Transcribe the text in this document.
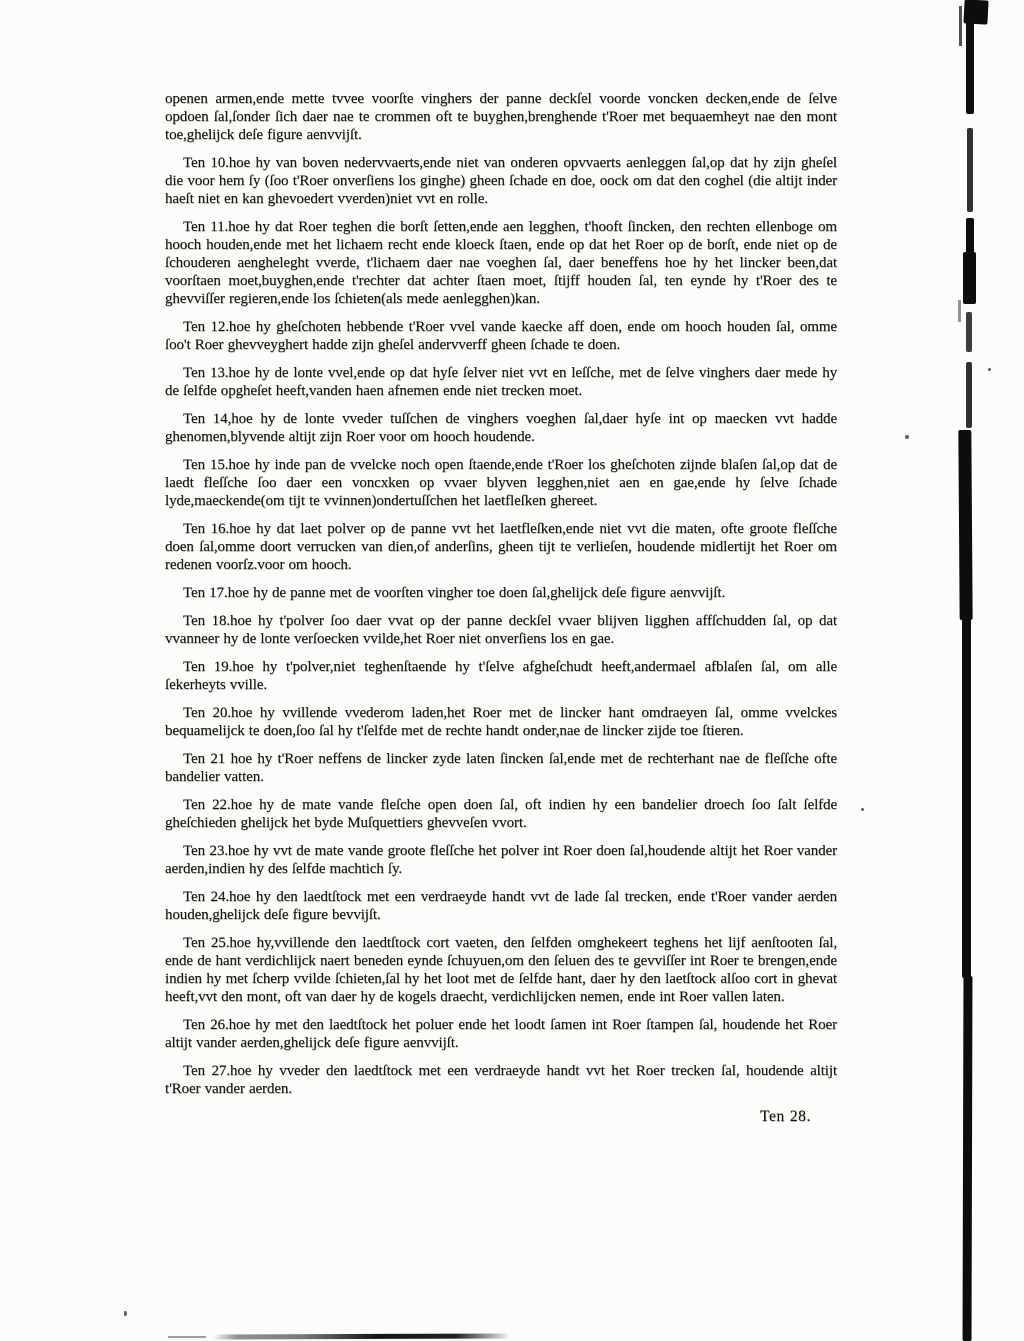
openen armen,ende mette tvvee voorſte vinghers der panne deckſel voorde voncken decken,ende de ſelve opdoen ſal,ſonder ſich daer nae te crommen oft te buyghen,brenghende t'Roer met bequaemheyt nae den mont toe,ghelijck deſe figure aenvvijſt.

Ten 10.hoe hy van boven nedervvaerts,ende niet van onderen opvvaerts aenleggen ſal,op dat hy zijn gheſel die voor hem ſy (ſoo t'Roer onverſiens los ginghe) gheen ſchade en doe, oock om dat den coghel (die altijt inder haeſt niet en kan ghevoedert vverden)niet vvt en rolle.

Ten 11.hoe hy dat Roer teghen die borſt ſetten,ende aen legghen, t'hooft ſincken, den rechten ellenboge om hooch houden,ende met het lichaem recht ende kloeck ſtaen, ende op dat het Roer op de borſt, ende niet op de ſchouderen aengheleght vverde, t'lichaem daer nae voeghen ſal, daer beneffens hoe hy het lincker been,dat voorſtaen moet,buyghen,ende t'rechter dat achter ſtaen moet, ſtijff houden ſal, ten eynde hy t'Roer des te ghevviſſer regieren,ende los ſchieten(als mede aenlegghen)kan.

Ten 12.hoe hy gheſchoten hebbende t'Roer vvel vande kaecke aff doen, ende om hooch houden ſal, omme ſoo't Roer ghevveyghert hadde zijn gheſel andervverff gheen ſchade te doen.

Ten 13.hoe hy de lonte vvel,ende op dat hyſe ſelver niet vvt en leſſche, met de ſelve vinghers daer mede hy de ſelfde opgheſet heeft,vanden haen afnemen ende niet trecken moet.

Ten 14,hoe hy de lonte vveder tuſſchen de vinghers voeghen ſal,daer hyſe int op maecken vvt hadde ghenomen,blyvende altijt zijn Roer voor om hooch houdende.

Ten 15.hoe hy inde pan de vvelcke noch open ſtaende,ende t'Roer los gheſchoten zijnde blaſen ſal,op dat de laedt fleſſche ſoo daer een voncxken op vvaer blyven legghen,niet aen en gae,ende hy ſelve ſchade lyde,maeckende(om tijt te vvinnen)ondertuſſchen het laetfleſken ghereet.

Ten 16.hoe hy dat laet polver op de panne vvt het laetfleſken,ende niet vvt die maten, ofte groote fleſſche doen ſal,omme doort verrucken van dien,of anderſins, gheen tijt te verlieſen, houdende midlertijt het Roer om redenen voorſz.voor om hooch.

Ten 17.hoe hy de panne met de voorſten vingher toe doen ſal,ghelijck deſe figure aenvvijſt.

Ten 18.hoe hy t'polver ſoo daer vvat op der panne deckſel vvaer blijven ligghen affſchudden ſal, op dat vvanneer hy de lonte verſoecken vvilde,het Roer niet onverſiens los en gae.

Ten 19.hoe hy t'polver,niet teghenſtaende hy t'ſelve afgheſchudt heeft,andermael afblaſen ſal, om alle ſekerheyts vville.

Ten 20.hoe hy vvillende vvederom laden,het Roer met de lincker hant omdraeyen ſal, omme vvelckes bequamelijck te doen,ſoo ſal hy t'ſelfde met de rechte handt onder,nae de lincker zijde toe ſtieren.

Ten 21 hoe hy t'Roer neffens de lincker zyde laten ſincken ſal,ende met de rechterhant nae de fleſſche ofte bandelier vatten.

Ten 22.hoe hy de mate vande fleſche open doen ſal, oft indien hy een bandelier droech ſoo ſalt ſelfde gheſchieden ghelijck het byde Muſquettiers ghevveſen vvort.

Ten 23.hoe hy vvt de mate vande groote fleſſche het polver int Roer doen ſal,houdende altijt het Roer vander aerden,indien hy des ſelfde machtich ſy.

Ten 24.hoe hy den laedtſtock met een verdraeyde handt vvt de lade ſal trecken, ende t'Roer vander aerden houden,ghelijck deſe figure bevvijſt.

Ten 25.hoe hy,vvillende den laedtſtock cort vaeten, den ſelfden omghekeert teghens het lijf aenſtooten ſal, ende de hant verdichlijck naert beneden eynde ſchuyuen,om den ſeluen des te gevviſſer int Roer te brengen,ende indien hy met ſcherp vvilde ſchieten,ſal hy het loot met de ſelfde hant, daer hy den laetſtock alſoo cort in ghevat heeft,vvt den mont, oft van daer hy de kogels draecht, verdichlijcken nemen, ende int Roer vallen laten.

Ten 26.hoe hy met den laedtſtock het poluer ende het loodt ſamen int Roer ſtampen ſal, houdende het Roer altijt vander aerden,ghelijck deſe figure aenvvijſt.

Ten 27.hoe hy vveder den laedtſtock met een verdraeyde handt vvt het Roer trecken ſal, houdende altijt t'Roer vander aerden.

Ten 28.
